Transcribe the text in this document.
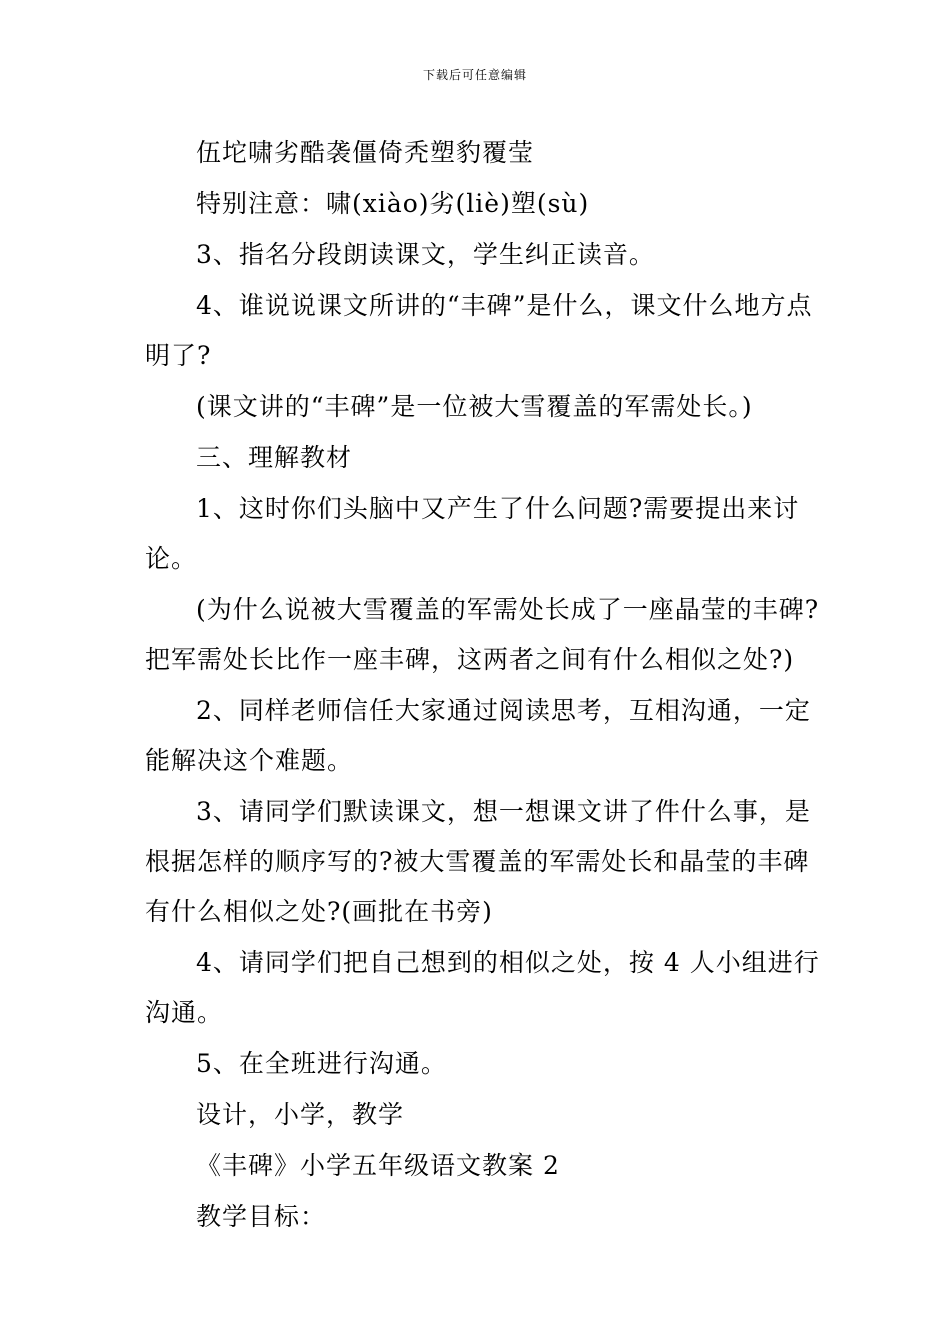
下载后可任意编辑

伍坨啸劣酷袭僵倚秃塑豹覆莹

特别注意：啸(xiào)劣(liè)塑(sù)

3、指名分段朗读课文，学生纠正读音。

4、谁说说课文所讲的“丰碑”是什么，课文什么地方点明了?

(课文讲的“丰碑”是一位被大雪覆盖的军需处长。)

三、理解教材

1、这时你们头脑中又产生了什么问题?需要提出来讨论。

(为什么说被大雪覆盖的军需处长成了一座晶莹的丰碑?把军需处长比作一座丰碑，这两者之间有什么相似之处?)

2、同样老师信任大家通过阅读思考，互相沟通，一定能解决这个难题。

3、请同学们默读课文，想一想课文讲了件什么事，是根据怎样的顺序写的?被大雪覆盖的军需处长和晶莹的丰碑有什么相似之处?(画批在书旁)

4、请同学们把自己想到的相似之处，按 4 人小组进行沟通。

5、在全班进行沟通。

设计，小学，教学

《丰碑》小学五年级语文教案 2

教学目标：
